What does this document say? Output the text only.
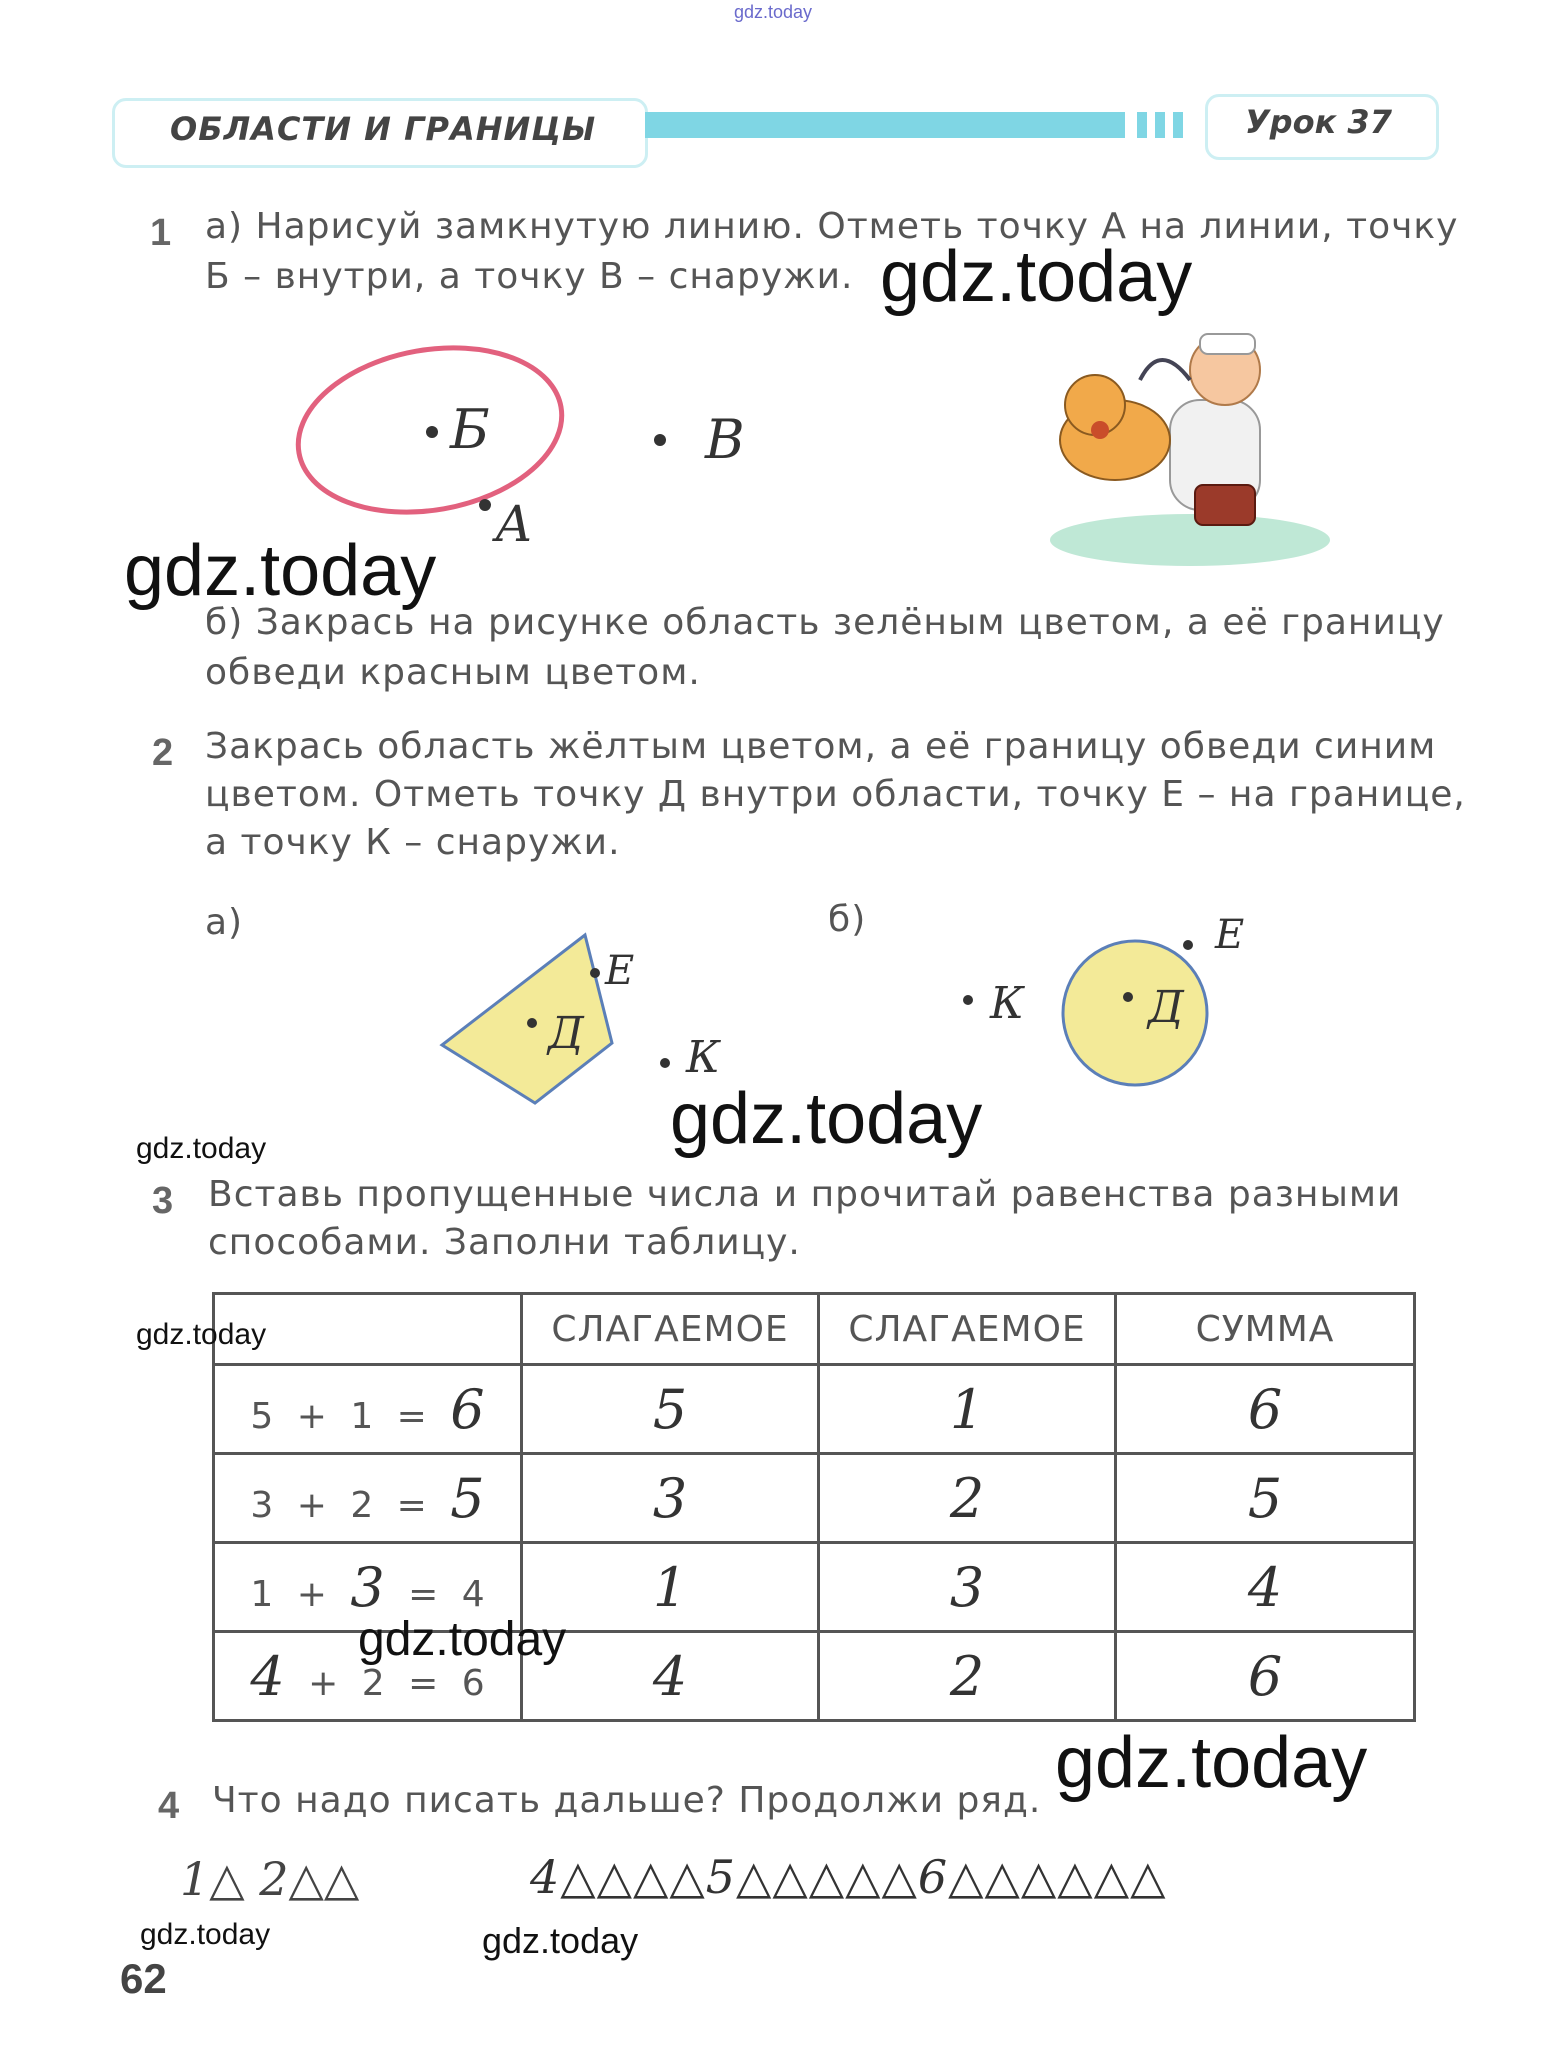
gdz.today
ОБЛАСТИ И ГРАНИЦЫ	Урок 37
1 а) Нарисуй замкнутую линию. Отметь точку А на линии, точку
Б – внутри, а точку В – снаружи. gdz.today
Б	В
А
gdz.today
б) Закрась на рисунке область зелёным цветом, а её границу
обведи красным цветом.
2 Закрась область жёлтым цветом, а её границу обведи синим
цветом. Отметь точку Д внутри области, точку Е – на границе,
а точку К – снаружи.
а)	б)
Е
Д К
К	Д
Е
gdz.today
gdz.today
3 Вставь пропущенные числа и прочитай равенства разными
способами. Заполни таблицу.
	СЛАГАЕМОЕ	СЛАГАЕМОЕ	СУММА
5 + 1 = 6	5	1	6
3 + 2 = 5	3	2	5
1 + 3 = 4	1	3	4
4 + 2 = 6	4	2	6
gdz.today
gdz.today
gdz.today
4 Что надо писать дальше? Продолжи ряд.
1△ 2△△	4△△△△5△△△△△6△△△△△△
gdz.today	gdz.today
62
